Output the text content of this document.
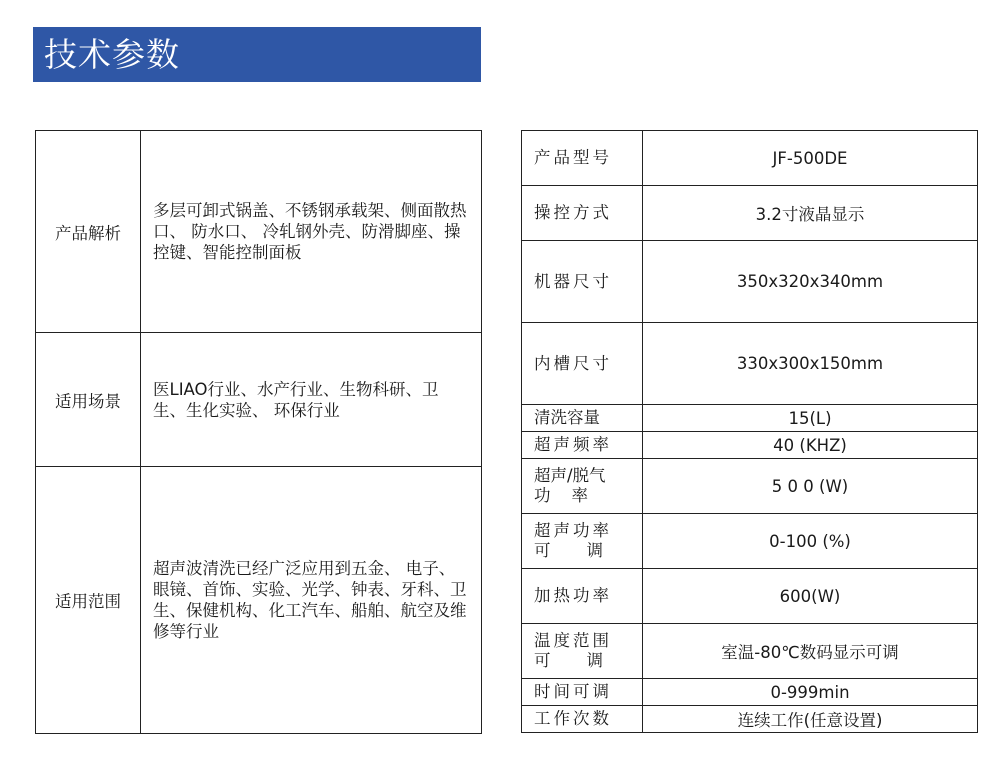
技术参数
产品解析	多层可卸式锅盖、不锈钢承载架、侧面散热口、 防水口、 冷轧钢外壳、防滑脚座、操控键、智能控制面板
适用场景	医LIAO行业、水产行业、生物科研、卫生、生化实验、 环保行业
适用范围	超声波清洗已经广泛应用到五金、 电子、 眼镜、首饰、实验、光学、钟表、牙科、卫生、保健机构、化工汽车、船舶、航空及维修等行业
产品型号	JF-500DE
操控方式	3.2寸液晶显示
机器尺寸	350x320x340mm
内槽尺寸	330x300x150mm
清洗容量	15(L)
超声频率	40 (KHZ)
超声/脱气
功    率	5 0 0 (W)
超声功率
可    调	0-100 (%)
加热功率	600(W)
温度范围
可    调	室温-80℃数码显示可调
时间可调	0-999min
工作次数	连续工作(任意设置)
